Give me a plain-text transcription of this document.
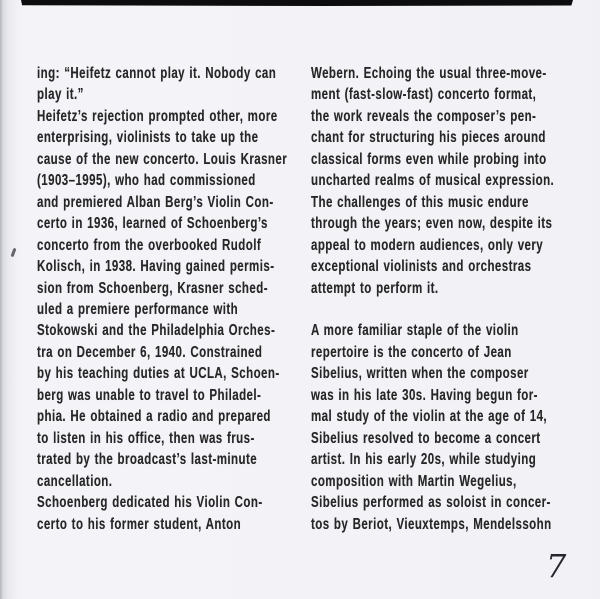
ing: “Heifetz cannot play it. Nobody can
play it.”
Heifetz’s rejection prompted other, more
enterprising, violinists to take up the
cause of the new concerto. Louis Krasner
(1903–1995), who had commissioned
and premiered Alban Berg’s Violin Con-
certo in 1936, learned of Schoenberg’s
concerto from the overbooked Rudolf
Kolisch, in 1938. Having gained permis-
sion from Schoenberg, Krasner sched-
uled a premiere performance with
Stokowski and the Philadelphia Orches-
tra on December 6, 1940. Constrained
by his teaching duties at UCLA, Schoen-
berg was unable to travel to Philadel-
phia. He obtained a radio and prepared
to listen in his office, then was frus-
trated by the broadcast’s last-minute
cancellation.
Schoenberg dedicated his Violin Con-
certo to his former student, Anton
Webern. Echoing the usual three-move-
ment (fast-slow-fast) concerto format,
the work reveals the composer’s pen-
chant for structuring his pieces around
classical forms even while probing into
uncharted realms of musical expression.
The challenges of this music endure
through the years; even now, despite its
appeal to modern audiences, only very
exceptional violinists and orchestras
attempt to perform it.
A more familiar staple of the violin
repertoire is the concerto of Jean
Sibelius, written when the composer
was in his late 30s. Having begun for-
mal study of the violin at the age of 14,
Sibelius resolved to become a concert
artist. In his early 20s, while studying
composition with Martin Wegelius,
Sibelius performed as soloist in concer-
tos by Beriot, Vieuxtemps, Mendelssohn
7
